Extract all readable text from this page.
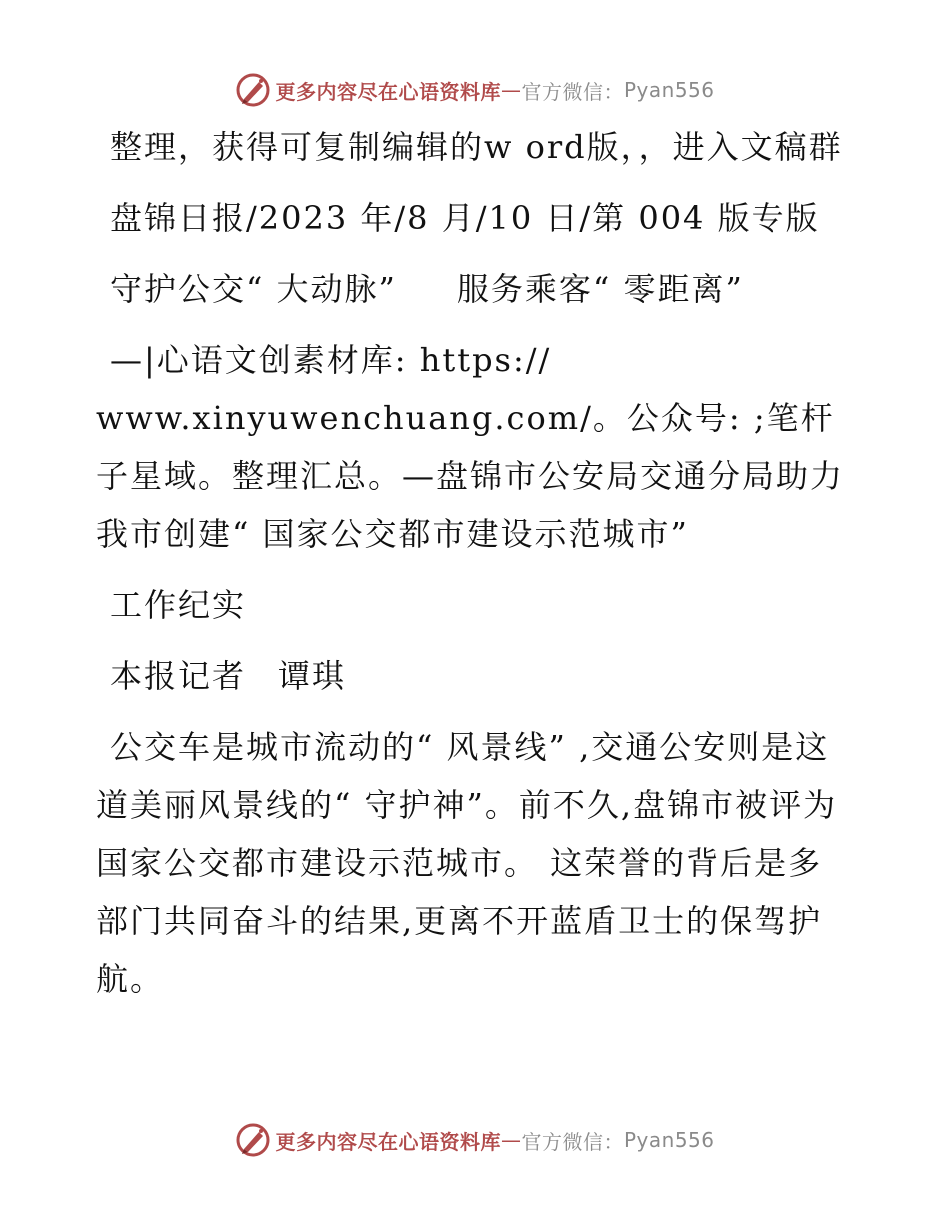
更多内容尽在心语资料库 — 官方微信： Pyan556

整理，获得可复制编辑的w ord版，，进入文稿群

盘锦日报/2023 年/8 月/10 日/第 004 版专版

守护公交“ 大动脉” 服务乘客“ 零距离”

—|心语文创素材库: https:// www.xinyuwenchuang.com/。公众号: ;笔杆子星域。整理汇总。—盘锦市公安局交通分局助力我市创建“ 国家公交都市建设示范城市”

工作纪实

本报记者 谭琪

公交车是城市流动的“ 风景线” ,交通公安则是这道美丽风景线的“ 守护神”。前不久,盘锦市被评为国家公交都市建设示范城市。 这荣誉的背后是多部门共同奋斗的结果,更离不开蓝盾卫士的保驾护航。

更多内容尽在心语资料库 — 官方微信： Pyan556
